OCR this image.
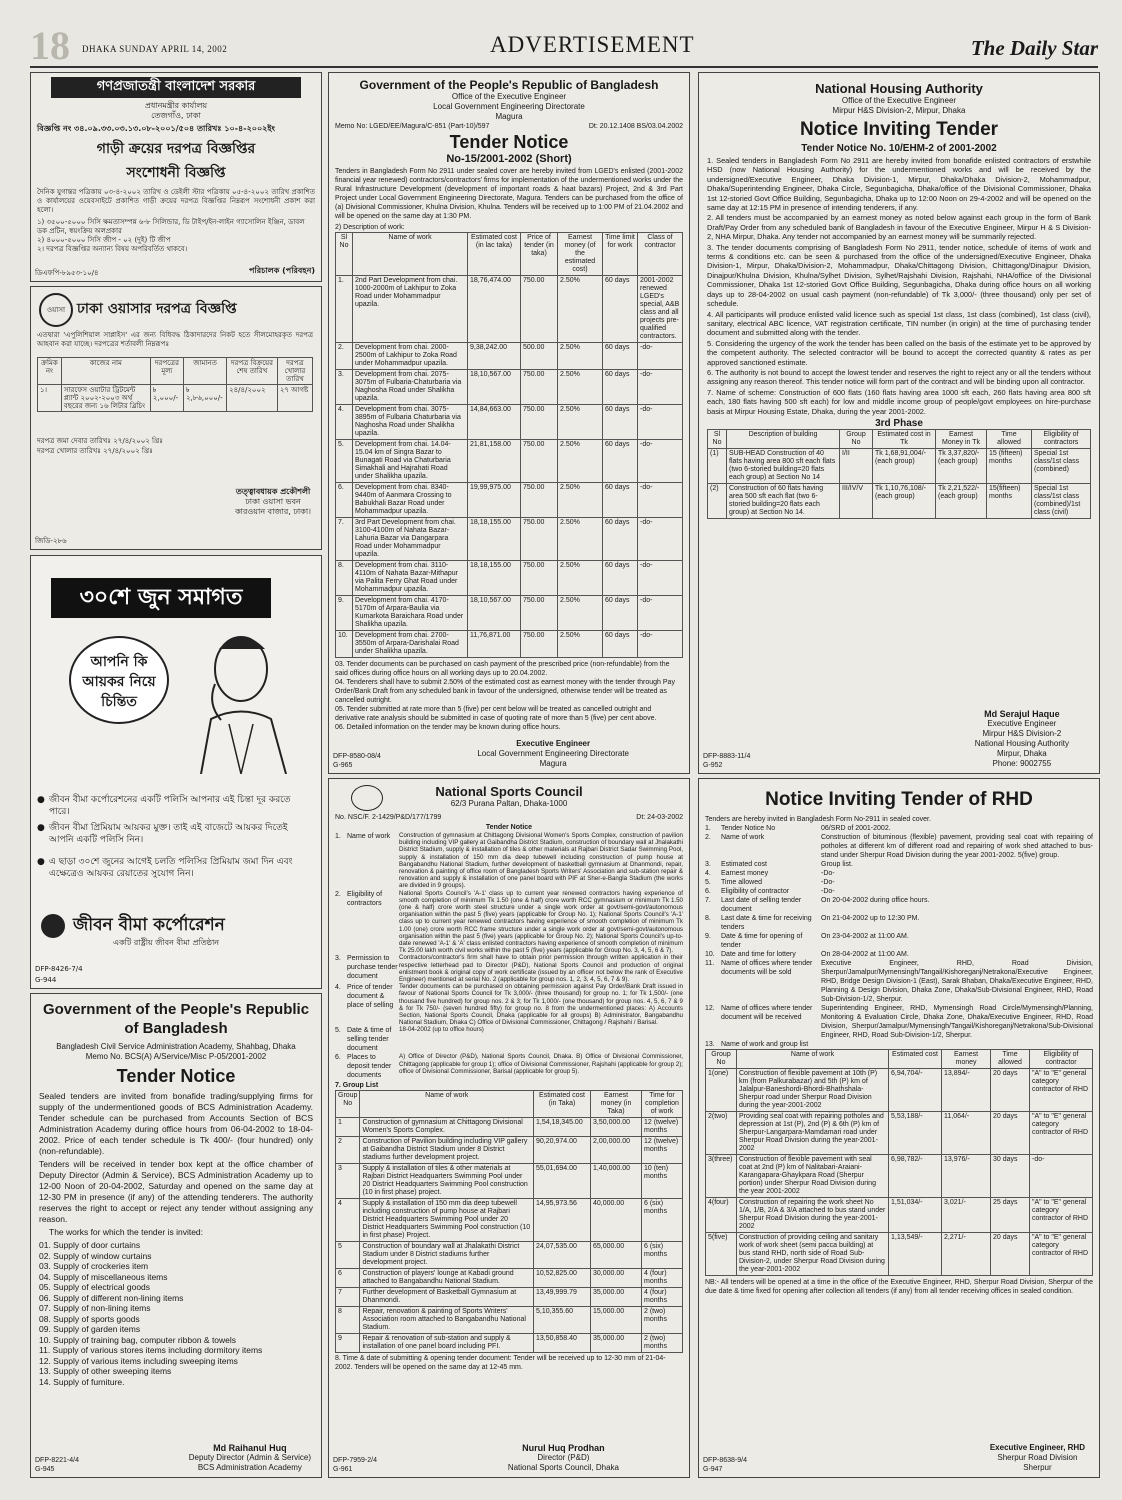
18 DHAKA SUNDAY APRIL 14, 2002	ADVERTISEMENT	The Daily Star
গণপ্রজাতন্ত্রী বাংলাদেশ সরকার
প্রধানমন্ত্রীর কার্যালয়
তেজগাঁও, ঢাকা
বিজ্ঞপ্তি নং ৩৪.০৯.৩৩.০৩.১৩.০৮-২০০১/৫০৪ তারিখঃ ১০-৪-২০০২ইং
গাড়ী ক্রয়ের দরপত্র বিজ্ঞপ্তির
সংশোধনী বিজ্ঞপ্তি
দৈনিক যুগান্তর পত্রিকায় ০৩-৪-২০০২ তারিখ ও ডেইলী স্টার পত্রিকায় ০৫-৪-২০০২ তারিখ প্রকাশিত ও কার্যালয়ের ওয়েবসাইটে প্রকাশিত গাড়ী ক্রয়ের দরপত্র বিজ্ঞপ্তির নিম্নরূপ সংশোধনী প্রকাশ করা হলো।
১) ৩৫০০-৫০০০ সিসি ক্ষমতাসম্পন্ন ৬-৮ সিলিন্ডার, ডি টাইপ/ইন-লাইন গ্যাসোলিন ইঞ্জিন, ডাবল ডক প্রটিন, স্বয়ংক্রিয় অলপ্রকার
২) ৪০০০-৫০০০ সিসি জীপ - ০২ (দুই) টি জীপ
২। দরপত্র বিজ্ঞপ্তির অন্যান্য বিষয় অপরিবর্তিত থাকবে।
ডিএফপি-৮৯৫৩-১০/৪	পরিচালক (পরিবহন)
ওয়াসা ঢাকা ওয়াসার দরপত্র বিজ্ঞপ্তি
এতদ্বারা 'এপুলিশিয়াল সাপ্লাইস' এর জন্য বিধিবদ্ধ ঠিকাদারদের নিকট হতে সীলমোহরকৃত দরপত্র আহবান করা যাচ্ছে। দরপত্রের শর্তাবলী নিম্নরূপঃ
ক্রমিক নং	কাজের নাম	দরপত্রের মূল্য	জামানত	দরপত্র বিক্রয়ের শেষ তারিখ	দরপত্র খোলার তারিখ
১।	সারফেস ওয়াটার ট্রিটমেন্ট প্ল্যান্ট ২০০২-২০০৩ অর্থ বছরের জন্য ১৬ লিটার ব্লিচিং	৳ ২,০০০/-	৳ ২,৮৬,০০০/-	২৪/৪/২০০২	২৭ আগষ্ট
দরপত্র জমা দেবার তারিখঃ ২৭/৪/২০০২ খ্রিঃ
দরপত্র খোলার তারিখঃ ২৭/৪/২০০২ খ্রিঃ
তত্ত্বাবধায়ক প্রকৌশলী
ঢাকা ওয়াসা ভবন
কারওয়ান বাজার, ঢাকা।
জিডি-২৮৬
৩০শে জুন সমাগত
আপনি কি আয়কর নিয়ে চিন্তিত
● জীবন বীমা কর্পোরেশনের একটি পলিসি আপনার এই চিন্তা দূর করতে পারে।
● জীবন বীমা প্রিমিয়াম আয়কর মুক্ত। তাই এই বাজেটে আয়কর দিতেই আপনি একটি পলিসি নিন।
● এ ছাড়া ৩০শে জুনের আগেই চলতি পলিসির প্রিমিয়াম জমা দিন এবং এক্ষেত্রেও আয়কর রেয়াতের সুযোগ নিন।
জীবন বীমা কর্পোরেশন
একটি রাষ্ট্রীয় জীবন বীমা প্রতিষ্ঠান
DFP-8426-7/4
G-944
Government of the People's Republic of Bangladesh
Bangladesh Civil Service Administration Academy, Shahbag, Dhaka
Memo No. BCS(A) A/Service/Misc P-05/2001-2002
Tender Notice
Sealed tenders are invited from bonafide trading/supplying firms for supply of the undermentioned goods of BCS Administration Academy. Tender schedule can be purchased from Accounts Section of BCS Administration Academy during office hours from 06-04-2002 to 18-04-2002. Price of each tender schedule is Tk 400/- (four hundred) only (non-refundable).
Tenders will be received in tender box kept at the office chamber of Deputy Director (Admin & Service), BCS Administration Academy up to 12-00 Noon of 20-04-2002, Saturday and opened on the same day at 12-30 PM in presence (if any) of the attending tenderers. The authority reserves the right to accept or reject any tender without assigning any reason.
The works for which the tender is invited:
01. Supply of door curtains
02. Supply of window curtains
03. Supply of crockeries item
04. Supply of miscellaneous items
05. Supply of electrical goods
06. Supply of different non-lining items
07. Supply of non-lining items
08. Supply of sports goods
09. Supply of garden items
10. Supply of training bag, computer ribbon & towels
11. Supply of various stores items including dormitory items
12. Supply of various items including sweeping items
13. Supply of other sweeping items
14. Supply of furniture.
Md Raihanul Huq
Deputy Director (Admin & Service)
BCS Administration Academy
DFP-8221-4/4
G-945
Government of the People's Republic of Bangladesh
Office of the Executive Engineer
Local Government Engineering Directorate
Magura
Memo No: LGED/EE/Magura/C-851 (Part-10)/597	Dt: 20.12.1408 BS/03.04.2002
Tender Notice
No-15/2001-2002 (Short)
Tenders in Bangladesh Form No 2911 under sealed cover are hereby invited from LGED's enlisted (2001-2002 financial year renewed) contractors/contractors' firms for implementation of the undermentioned works under the Rural Infrastructure Development (development of important roads & haat bazars) Project, 2nd & 3rd Part Project under Local Government Engineering Directorate, Magura. Tenders can be purchased from the office of (a) Divisional Commissioner, Khulna Division, Khulna. Tenders will be received up to 1:00 PM of 21.04.2002 and will be opened on the same day at 1:30 PM.
2) Description of work:
Sl No	Name of work	Estimated cost (in lac taka)	Price of tender (in taka)	Earnest money (of the estimated cost)	Time limit for work	Class of contractor
1.	2nd Part Development from chai. 1000-2000m of Lakhipur to Zoka Road under Mohammadpur upazila.	18,76,474.00	750.00	2.50%	60 days	2001-2002 renewed LGED's special, A&B class and all projects pre-qualified contractors.
2.	Development from chai. 2000-2500m of Lakhipur to Zoka Road under Mohammadpur upazila.	9,38,242.00	500.00	2.50%	60 days	-do-
3.	Development from chai. 2075-3075m of Fulbaria-Chaturbaria via Naghosha Road under Shalikha upazila.	18,10,567.00	750.00	2.50%	60 days	-do-
4.	Development from chai. 3075-3895m of Fulbaria Chaturbaria via Naghosha Road under Shalikha upazila.	14,84,663.00	750.00	2.50%	60 days	-do-
5.	Development from chai. 14.04-15.04 km of Singra Bazar to Bunagati Road via Chaturbaria Simakhali and Hajrahati Road under Shalikha upazila.	21,81,158.00	750.00	2.50%	60 days	-do-
6.	Development from chai. 8340-9440m of Aanmara Crossing to Babukhali Bazar Road under Mohammadpur upazila.	19,99,975.00	750.00	2.50%	60 days	-do-
7.	3rd Part Development from chai. 3100-4100m of Nahata Bazar-Lahuria Bazar via Dangarpara Road under Mohammadpur upazila.	18,18,155.00	750.00	2.50%	60 days	-do-
8.	Development from chai. 3110-4110m of Nahata Bazar-Mithapur via Palita Ferry Ghat Road under Mohammadpur upazila.	18,18,155.00	750.00	2.50%	60 days	-do-
9.	Development from chai. 4170-5170m of Arpara-Baulia via Kumarkota Baraichara Road under Shalikha upazila.	18,10,567.00	750.00	2.50%	60 days	-do-
10.	Development from chai. 2700-3550m of Arpara-Darishalai Road under Shalikha upazila.	11,76,871.00	750.00	2.50%	60 days	-do-
03. Tender documents can be purchased on cash payment of the prescribed price (non-refundable) from the said offices during office hours on all working days up to 20.04.2002.
04. Tenderers shall have to submit 2.50% of the estimated cost as earnest money with the tender through Pay Order/Bank Draft from any scheduled bank in favour of the undersigned, otherwise tender will be treated as cancelled outright.
05. Tender submitted at rate more than 5 (five) per cent below will be treated as cancelled outright and derivative rate analysis should be submitted in case of quoting rate of more than 5 (five) per cent above.
06. Detailed information on the tender may be known during office hours.
Executive Engineer
Local Government Engineering Directorate
Magura
DFP-8580-08/4
G-965
National Sports Council
62/3 Purana Paltan, Dhaka-1000
No. NSC/F. 2-1429/P&D/177/1799	Dt: 24-03-2002
Tender Notice
1. Name of work	Construction of gymnasium at Chittagong Divisional Women's Sports Complex, construction of pavilion building including VIP gallery at Gaibandha District Stadium, construction of boundary wall at Jhalakathi District Stadium, supply & installation of tiles & other materials at Rajbari District Sadar Swimming Pool, supply & installation of 150 mm dia deep tubewell including construction of pump house at Bangabandhu National Stadium, further development of basketball gymnasium at Dhanmondi, repair, renovation & painting of office room of Bangladesh Sports Writers' Association and sub-station repair & renovation and supply & installation of one panel board with PIF at Sher-e-Bangla Stadium (the works are divided in 9 groups).
2. Eligibility of contractors
National Sports Council's 'A-1' class up to current year renewed contractors having experience of smooth completion of minimum Tk 1.50 (one & half) crore worth RCC gymnasium or minimum Tk 1.50 (one & half) crore worth steel structure under a single work order at govt/semi-govt/autonomous organisation within the past 5 (five) years (applicable for Group No. 1); National Sports Council's 'A-1' class up to current year renewed contractors having experience of smooth completion of minimum Tk 1.00 (one) crore worth RCC frame structure under a single work order at govt/semi-govt/autonomous organisation within the past 5 (five) years (applicable for Group No. 2); National Sports Council's up-to-date renewed 'A-1' & 'A' class enlisted contractors having experience of smooth completion of minimum Tk 25.00 lakh worth civil works within the past 5 (five) years (applicable for Group No. 3, 4, 5, 6 & 7).
3. Permission to purchase tender document
Contractors/contractor's firm shall have to obtain prior permission through written application in their respective letterhead pad to Director (P&D), National Sports Council and production of original enlistment book & original copy of work certificate (issued by an officer not below the rank of Executive Engineer) mentioned at serial No. 2 (applicable for group nos. 1, 2, 3, 4, 5, 6, 7 & 9).
4. Price of tender document & place of selling
Tender documents can be purchased on obtaining permission against Pay Order/Bank Draft issued in favour of National Sports Council for Tk 3,000/- (three thousand) for group no. 1; for Tk 1,500/- (one thousand five hundred) for group nos. 2 & 3; for Tk 1,000/- (one thousand) for group nos. 4, 5, 6, 7 & 9 & for Tk 750/- (seven hundred fifty) for group no. 8 from the undermentioned places: A) Accounts Section, National Sports Council, Dhaka (applicable for all groups) B) Administrator, Bangabandhu National Stadium, Dhaka C) Office of Divisional Commissioner, Chittagong / Rajshahi / Barisal.
5. Date & time of selling tender document
18-04-2002 (up to office hours)
6. Places to deposit tender documents
A) Office of Director (P&D), National Sports Council, Dhaka. B) Office of Divisional Commissioner, Chittagong (applicable for group 1); office of Divisional Commissioner, Rajshahi (applicable for group 2); office of Divisional Commissioner, Barisal (applicable for group 5).
7. Group List
Group No	Name of work	Estimated cost (in Taka)	Earnest money (in Taka)	Time for completion of work
1	Construction of gymnasium at Chittagong Divisional Women's Sports Complex.	1,54,18,345.00	3,50,000.00	12 (twelve) months
2	Construction of Pavilion building including VIP gallery at Gaibandha District Stadium under 8 District stadiums further development project.	90,20,974.00	2,00,000.00	12 (twelve) months
3	Supply & installation of tiles & other materials at Rajbari District Headquarters Swimming Pool under 20 District Headquarters Swimming Pool construction (10 in first phase) project.	55,01,694.00	1,40,000.00	10 (ten) months
4	Supply & installation of 150 mm dia deep tubewell including construction of pump house at Rajbari District Headquarters Swimming Pool under 20 District Headquarters Swimming Pool construction (10 in first phase) Project.	14,95,973.56	40,000.00	6 (six) months
5	Construction of boundary wall at Jhalakathi District Stadium under 8 District stadiums further development project.	24,07,535.00	65,000.00	6 (six) months
6	Construction of players' lounge at Kabadi ground attached to Bangabandhu National Stadium.	10,52,825.00	30,000.00	4 (four) months
7	Further development of Basketball Gymnasium at Dhanmondi.	13,49,999.79	35,000.00	4 (four) months
8	Repair, renovation & painting of Sports Writers' Association room attached to Bangabandhu National Stadium.	5,10,355.60	15,000.00	2 (two) months
9	Repair & renovation of sub-station and supply & installation of one panel board including PFI.	13,50,858.40	35,000.00	2 (two) months
8. Time & date of submitting & opening tender document: Tender will be received up to 12-30 mm of 21-04-2002. Tenders will be opened on the same day at 12-45 mm.
Nurul Huq Prodhan
Director (P&D)
National Sports Council, Dhaka
DFP-7959-2/4
G-961
National Housing Authority
Office of the Executive Engineer
Mirpur H&S Division-2, Mirpur, Dhaka
Notice Inviting Tender
Tender Notice No. 10/EHM-2 of 2001-2002
1. Sealed tenders in Bangladesh Form No 2911 are hereby invited from bonafide enlisted contractors of erstwhile HSD (now National Housing Authority) for the undermentioned works and will be received by the undersigned/Executive Engineer, Dhaka Division-1, Mirpur, Dhaka/Dhaka Division-2, Mohammadpur, Dhaka/Superintending Engineer, Dhaka Circle, Segunbagicha, Dhaka/office of the Divisional Commissioner, Dhaka 1st 12-storied Govt Office Building, Segunbagicha, Dhaka up to 12:00 Noon on 29-4-2002 and will be opened on the same day at 12:15 PM in presence of intending tenderers, if any.
2. All tenders must be accompanied by an earnest money as noted below against each group in the form of Bank Draft/Pay Order from any scheduled bank of Bangladesh in favour of the Executive Engineer, Mirpur H & S Division-2, NHA Mirpur, Dhaka. Any tender not accompanied by an earnest money will be summarily rejected.
3. The tender documents comprising of Bangladesh Form No 2911, tender notice, schedule of items of work and terms & conditions etc. can be seen & purchased from the office of the undersigned/Executive Engineer, Dhaka Division-1, Mirpur, Dhaka/Division-2, Mohammadpur, Dhaka/Chittagong Division, Chittagong/Dinajpur Division, Dinajpur/Khulna Division, Khulna/Sylhet Division, Sylhet/Rajshahi Division, Rajshahi, NHA/office of the Divisional Commissioner, Dhaka 1st 12-storied Govt Office Building, Segunbagicha, Dhaka during office hours on all working days up to 28-04-2002 on usual cash payment (non-refundable) of Tk 3,000/- (three thousand) only per set of schedule.
4. All participants will produce enlisted valid licence such as special 1st class, 1st class (combined), 1st class (civil), sanitary, electrical ABC licence, VAT registration certificate, TIN number (in origin) at the time of purchasing tender document and submitted along with the tender.
5. Considering the urgency of the work the tender has been called on the basis of the estimate yet to be approved by the competent authority. The selected contractor will be bound to accept the corrected quantity & rates as per approved sanctioned estimate.
6. The authority is not bound to accept the lowest tender and reserves the right to reject any or all the tenders without assigning any reason thereof. This tender notice will form part of the contract and will be binding upon all contractor.
7. Name of scheme: Construction of 600 flats (160 flats having area 1000 sft each, 260 flats having area 800 sft each, 180 flats having 500 sft each) for low and middle income group of people/govt employees on hire-purchase basis at Mirpur Housing Estate, Dhaka, during the year 2001-2002.
3rd Phase
Sl No	Description of building	Group No	Estimated cost in Tk	Earnest Money in Tk	Time allowed	Eligibility of contractors
(1)	SUB-HEAD Construction of 40 flats having area 800 sft each flats (two 6-storied building=20 flats each group) at Section No 14	I/II	Tk 1,68,91,004/- (each group)	Tk 3,37,820/- (each group)	15 (fifteen) months	Special 1st class/1st class (combined)
(2)	Construction of 60 flats having area 500 sft each flat (two 6-storied building=20 flats each group) at Section No 14.	III/IV/V	Tk 1,10,76,108/- (each group)	Tk 2,21,522/- (each group)	15(fifteen) months	Special 1st class/1st class (combined)/1st class (civil)
Md Serajul Haque
Executive Engineer
Mirpur H&S Division-2
National Housing Authority
Mirpur, Dhaka
Phone: 9002755
DFP-8883-11/4
G-952
Notice Inviting Tender of RHD
Tenders are hereby invited in Bangladesh Form No-2911 in sealed cover.
1.	Tender Notice No	06/SRD of 2001-2002.
2.	Name of work	Construction of bituminous (flexible) pavement, providing seal coat with repairing of potholes at different km of different road and repairing of work shed attached to bus-stand under Sherpur Road Division during the year 2001-2002. 5(five) group.
3.	Estimated cost	Group list.
4.	Earnest money	-Do-
5.	Time allowed	-Do-
6.	Eligibility of contractor	-Do-
7.	Last date of selling tender document
On 20-04-2002 during office hours.
8.	Last date & time for receiving tenders
On 21-04-2002 up to 12:30 PM.
9.	Date & time for opening of tender
On 23-04-2002 at 11:00 AM.
10. Date and time for lottery	On 28-04-2002 at 11:00 AM.
11. Name of offices where tender documents will be sold
Executive Engineer, RHD, Road Division, Sherpur/Jamalpur/Mymensingh/Tangail/Kishoreganj/Netrakona/Executive Engineer, RHD, Bridge Design Division-1 (East), Sarak Bhaban, Dhaka/Executive Engineer, RHD, Planning & Design Division, Dhaka Zone, Dhaka/Sub-Divisional Engineer, RHD, Road Sub-Division-1/2, Sherpur.
12. Name of offices where tender document will be received
Superintending Engineer, RHD, Mymensingh Road Circle/Mymensingh/Planning, Monitoring & Evaluation Circle, Dhaka Zone, Dhaka/Executive Engineer, RHD, Road Division, Sherpur/Jamalpur/Mymensingh/Tangail/Kishoreganj/Netrakona/Sub-Divisional Engineer, RHD, Road Sub-Division-1/2, Sherpur.
13. Name of work and group list
Group No	Name of work	Estimated cost	Earnest money	Time allowed	Eligibility of contractor
1(one)	Construction of flexible pavement at 10th (P) km (from Palkurabazar) and 5th (P) km of Jalalpur-Baneshordi-Bhordi-Bhathshala-Sherpur road under Sherpur Road Division during the year-2001-2002	6,94,704/-	13,894/-	20 days	"A" to "E" general category contractor of RHD
2(two)	Providing seal coat with repairing potholes and depression at 1st (P), 2nd (P) & 6th (P) km of Sherpur-Langarpara-Mamdamari road under Sherpur Road Division during the year-2001-2002	5,53,188/-	11,064/-	20 days	"A" to "E" general category contractor of RHD
3(three)	Construction of flexible pavement with seal coat at 2nd (P) km of Nalitabari-Araiani-Karangapara-Ghaykpara Road (Sherpur portion) under Sherpur Road Division during the year 2001-2002	6,98,782/-	13,976/-	30 days	-do-
4(four)	Construction of repairing the work sheet No 1/A, 1/B, 2/A & 3/A attached to bus stand under Sherpur Road Division during the year-2001-2002	1,51,034/-	3,021/-	25 days	"A" to "E" general category contractor of RHD
5(five)	Construction of providing ceiling and sanitary work of work sheet (semi pacca building) at bus stand RHD, north side of Road Sub-Division-2, under Sherpur Road Division during the year-2001-2002	1,13,549/-	2,271/-	20 days	"A" to "E" general category contractor of RHD
NB:- All tenders will be opened at a time in the office of the Executive Engineer, RHD, Sherpur Road Division, Sherpur of the due date & time fixed for opening after collection all tenders (if any) from all tender receiving offices in sealed condition.
Executive Engineer, RHD
Sherpur Road Division
Sherpur
DFP-8638-9/4
G-947
